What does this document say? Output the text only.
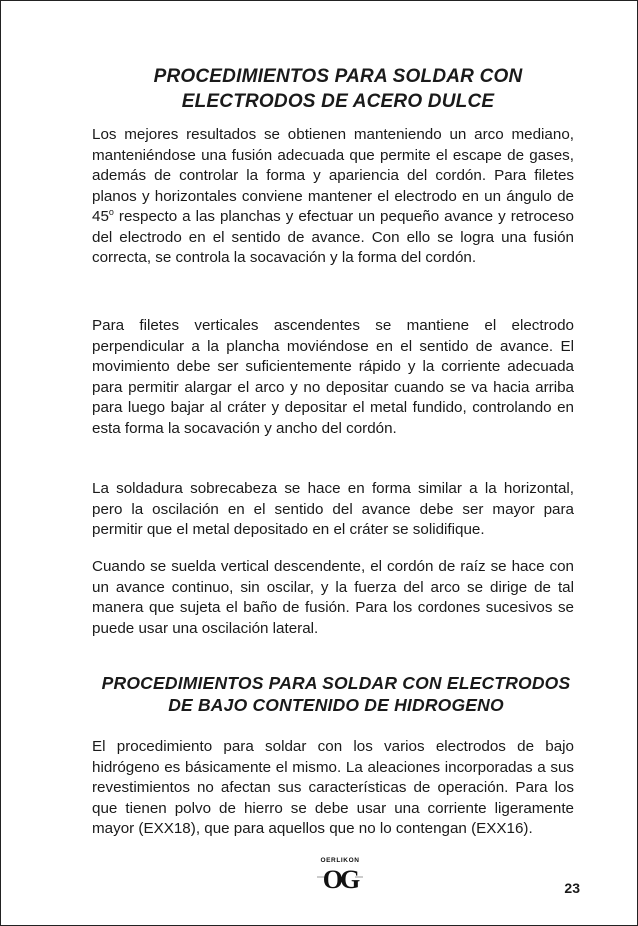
PROCEDIMIENTOS PARA SOLDAR CON
ELECTRODOS DE ACERO DULCE

Los mejores resultados se obtienen manteniendo un arco mediano, manteniéndose una fusión adecuada que permite el escape de gases, además de controlar la forma y apariencia del cordón. Para filetes planos y horizontales conviene mantener el electrodo en un ángulo de 45$^o$ respecto a las planchas y efectuar un pequeño avance y retroceso del electrodo en el sentido de avance. Con ello se logra una fusión correcta, se controla la socavación y la forma del cordón.

Para filetes verticales ascendentes se mantiene el electrodo perpendicular a la plancha moviéndose en el sentido de avance. El movimiento debe ser suficientemente rápido y la corriente adecuada para permitir alargar el arco y no depositar cuando se va hacia arriba para luego bajar al cráter y depositar el metal fundido, controlando en esta forma la socavación y ancho del cordón.

La soldadura sobrecabeza se hace en forma similar a la horizontal, pero la oscilación en el sentido del avance debe ser mayor para permitir que el metal depositado en el cráter se solidifique.

Cuando se suelda vertical descendente, el cordón de raíz se hace con un avance continuo, sin oscilar, y la fuerza del arco se dirige de tal manera que sujeta el baño de fusión. Para los cordones sucesivos se puede usar una oscilación lateral.

PROCEDIMIENTOS PARA SOLDAR CON ELECTRODOS
DE BAJO CONTENIDO DE HIDROGENO

El procedimiento para soldar con los varios electrodos de bajo hidrógeno es básicamente el mismo. La aleaciones incorporadas a sus revestimientos no afectan sus características de operación. Para los que tienen polvo de hierro se debe usar una corriente ligeramente mayor (EXX18), que para aquellos que no lo contengan (EXX16).

OERLIKON
OG	23
